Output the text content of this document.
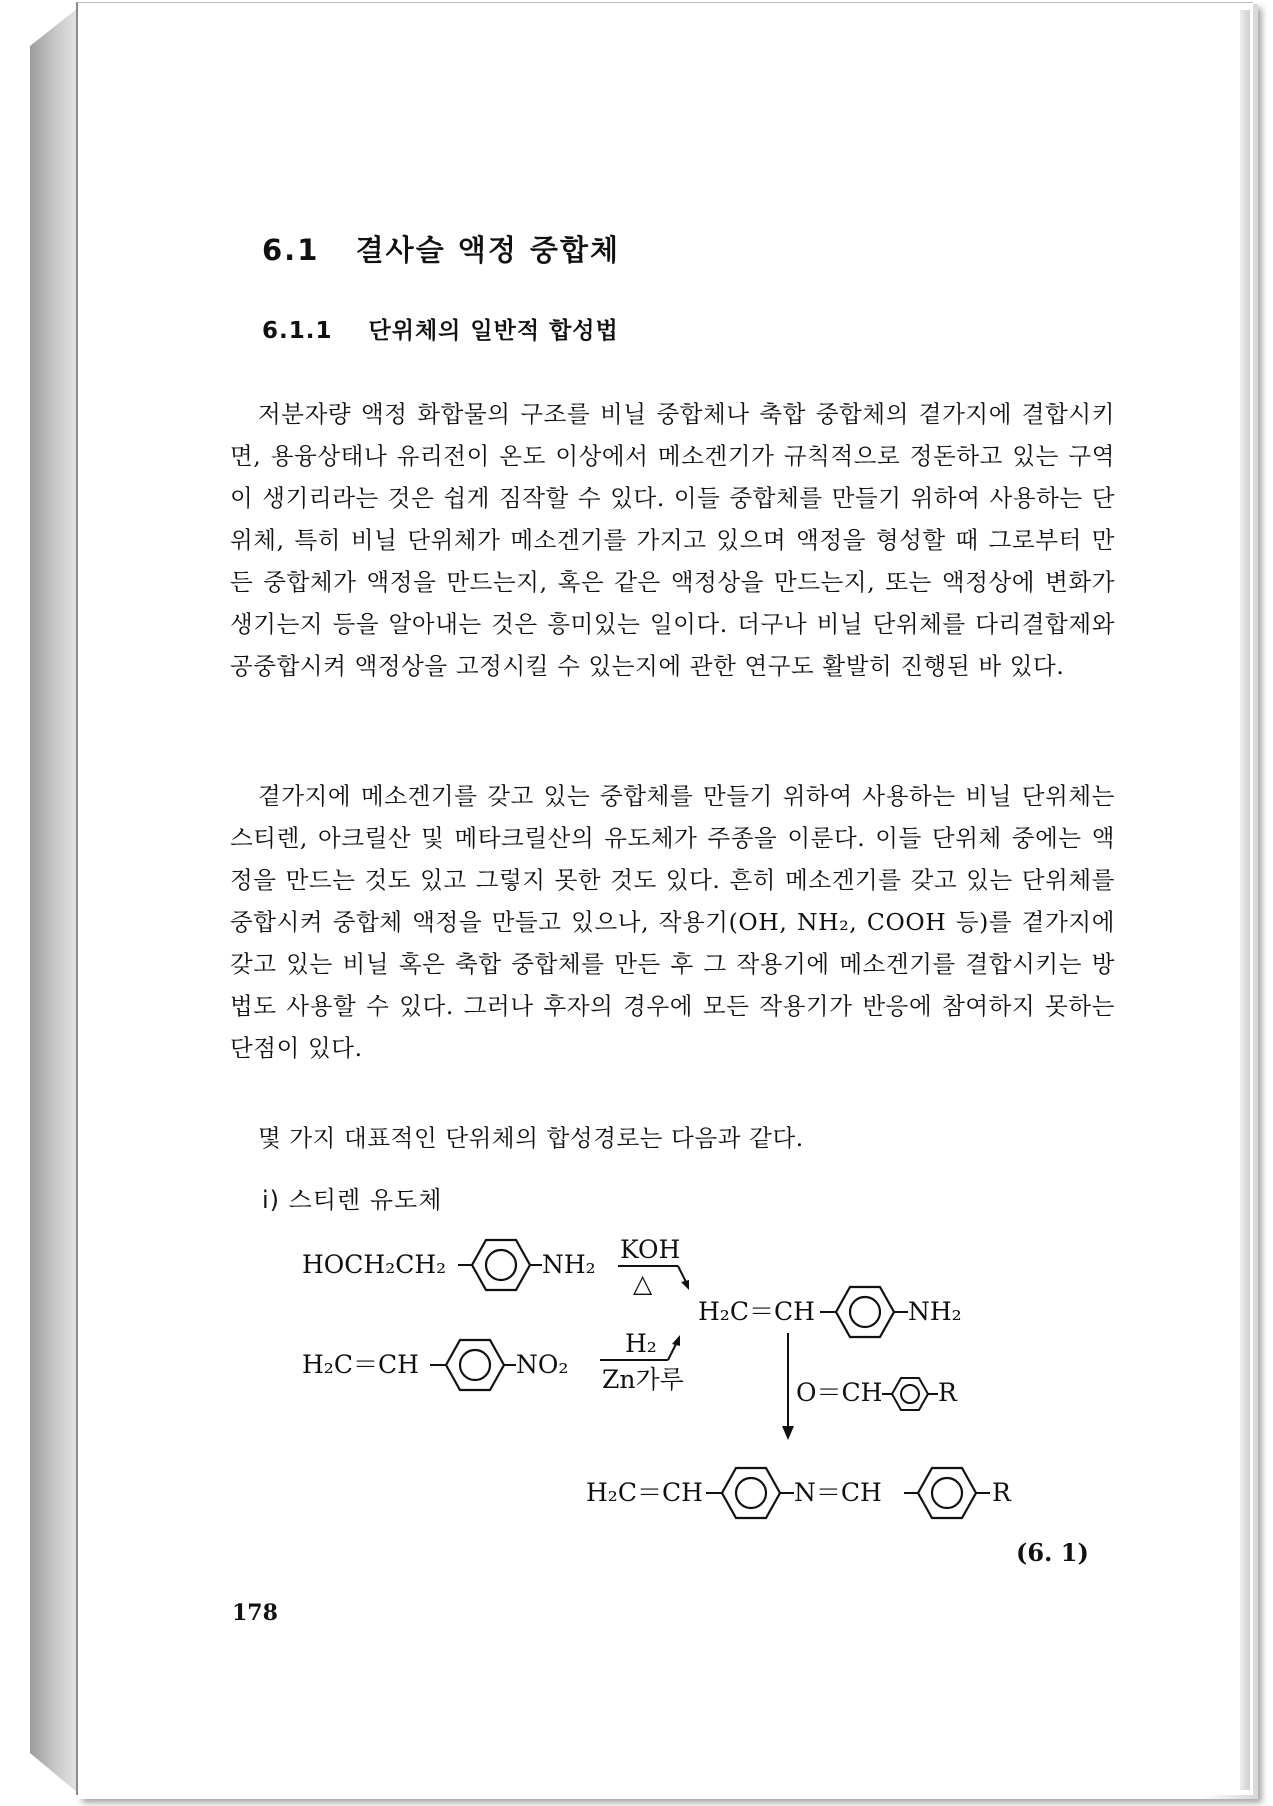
6.1 결사슬 액정 중합체
6.1.1 단위체의 일반적 합성법

저분자량 액정 화합물의 구조를 비닐 중합체나 축합 중합체의 곁가지에 결합시키면, 용융상태나 유리전이 온도 이상에서 메소겐기가 규칙적으로 정돈하고 있는 구역이 생기리라는 것은 쉽게 짐작할 수 있다. 이들 중합체를 만들기 위하여 사용하는 단위체, 특히 비닐 단위체가 메소겐기를 가지고 있으며 액정을 형성할 때 그로부터 만든 중합체가 액정을 만드는지, 혹은 같은 액정상을 만드는지, 또는 액정상에 변화가 생기는지 등을 알아내는 것은 흥미있는 일이다. 더구나 비닐 단위체를 다리결합제와 공중합시켜 액정상을 고정시킬 수 있는지에 관한 연구도 활발히 진행된 바 있다.

곁가지에 메소겐기를 갖고 있는 중합체를 만들기 위하여 사용하는 비닐 단위체는 스티렌, 아크릴산 및 메타크릴산의 유도체가 주종을 이룬다. 이들 단위체 중에는 액정을 만드는 것도 있고 그렇지 못한 것도 있다. 흔히 메소겐기를 갖고 있는 단위체를 중합시켜 중합체 액정을 만들고 있으나, 작용기(OH, NH₂, COOH 등)를 곁가지에 갖고 있는 비닐 혹은 축합 중합체를 만든 후 그 작용기에 메소겐기를 결합시키는 방법도 사용할 수 있다. 그러나 후자의 경우에 모든 작용기가 반응에 참여하지 못하는 단점이 있다.

몇 가지 대표적인 단위체의 합성경로는 다음과 같다.

ⅰ) 스티렌 유도체

HOCH₂CH₂	NH₂
KOH
△
H₂C＝CH	NH₂
H₂C＝CH	NO₂
H₂
Zn가루	O＝CH R
H₂C＝CH	N＝CH	R

(6. 1)

178
